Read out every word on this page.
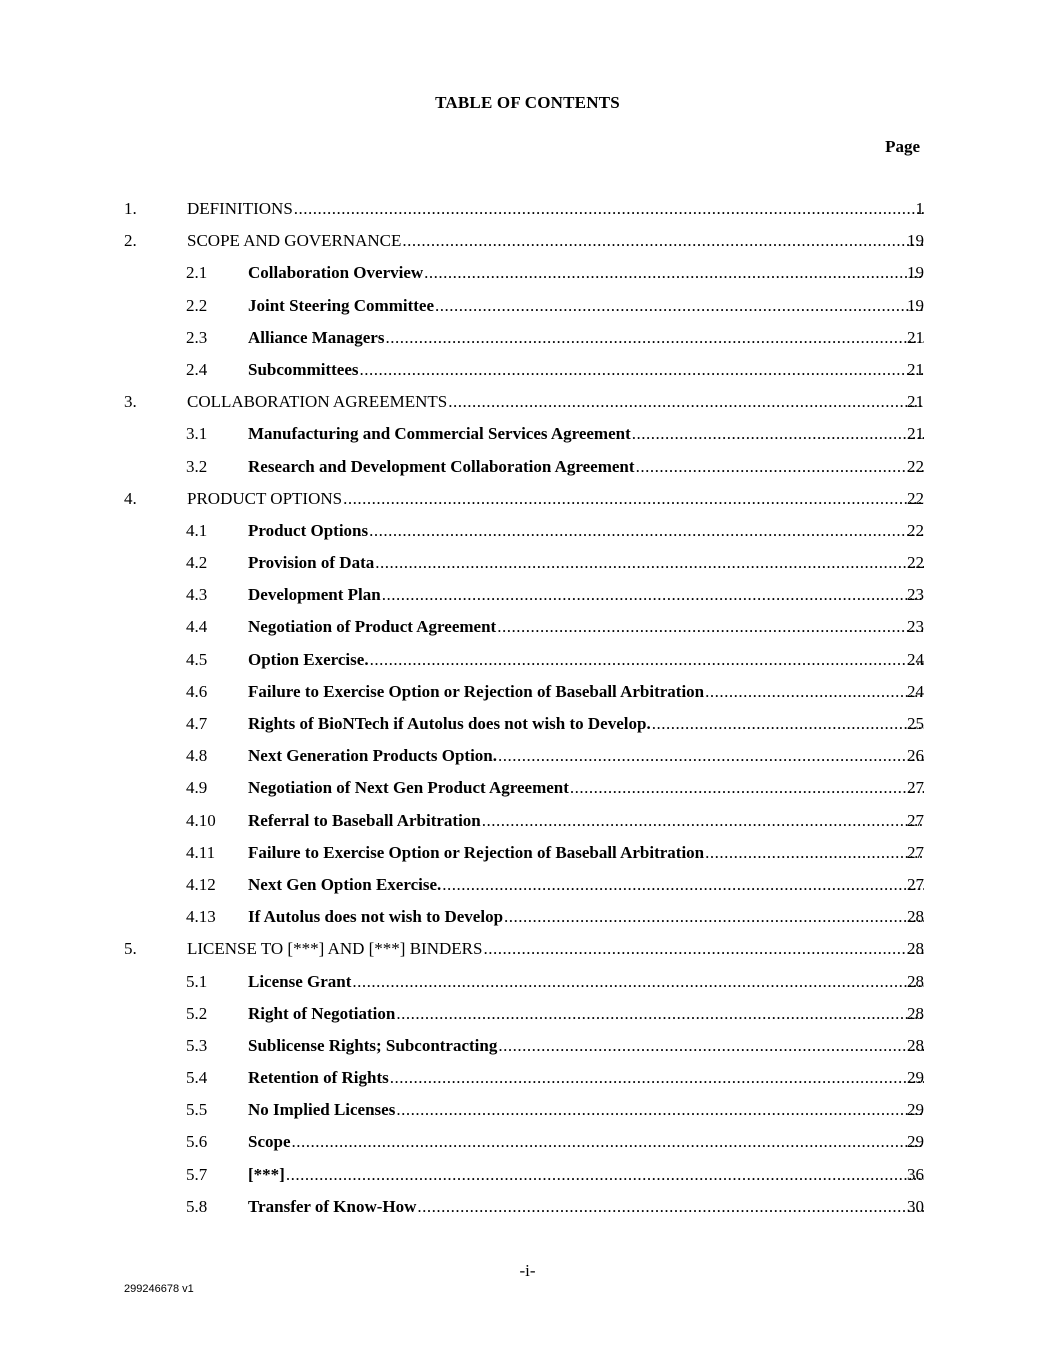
TABLE OF CONTENTS
Page
1.	DEFINITIONS .....	1
2.	SCOPE AND GOVERNANCE .....	19
2.1 Collaboration Overview .....	19
2.2 Joint Steering Committee .....	19
2.3 Alliance Managers .....	21
2.4 Subcommittees .....	21
3.	COLLABORATION AGREEMENTS .....	21
3.1 Manufacturing and Commercial Services Agreement .....	21
3.2 Research and Development Collaboration Agreement .....	22
4.	PRODUCT OPTIONS .....	22
4.1 Product Options .....	22
4.2 Provision of Data .....	22
4.3 Development Plan .....	23
4.4 Negotiation of Product Agreement .....	23
4.5 Option Exercise. .....	24
4.6 Failure to Exercise Option or Rejection of Baseball Arbitration .....	24
4.7 Rights of BioNTech if Autolus does not wish to Develop. .....	25
4.8 Next Generation Products Option. .....	26
4.9 Negotiation of Next Gen Product Agreement .....	27
4.10 Referral to Baseball Arbitration .....	27
4.11 Failure to Exercise Option or Rejection of Baseball Arbitration .....	27
4.12 Next Gen Option Exercise. .....	27
4.13 If Autolus does not wish to Develop .....	28
5.	LICENSE TO [***] AND [***] BINDERS .....	28
5.1 License Grant .....	28
5.2 Right of Negotiation .....	28
5.3 Sublicense Rights; Subcontracting .....	28
5.4 Retention of Rights .....	29
5.5 No Implied Licenses .....	29
5.6 Scope .....	29
5.7 [***] .....	36
5.8 Transfer of Know-How .....	30
-i-
299246678 v1
